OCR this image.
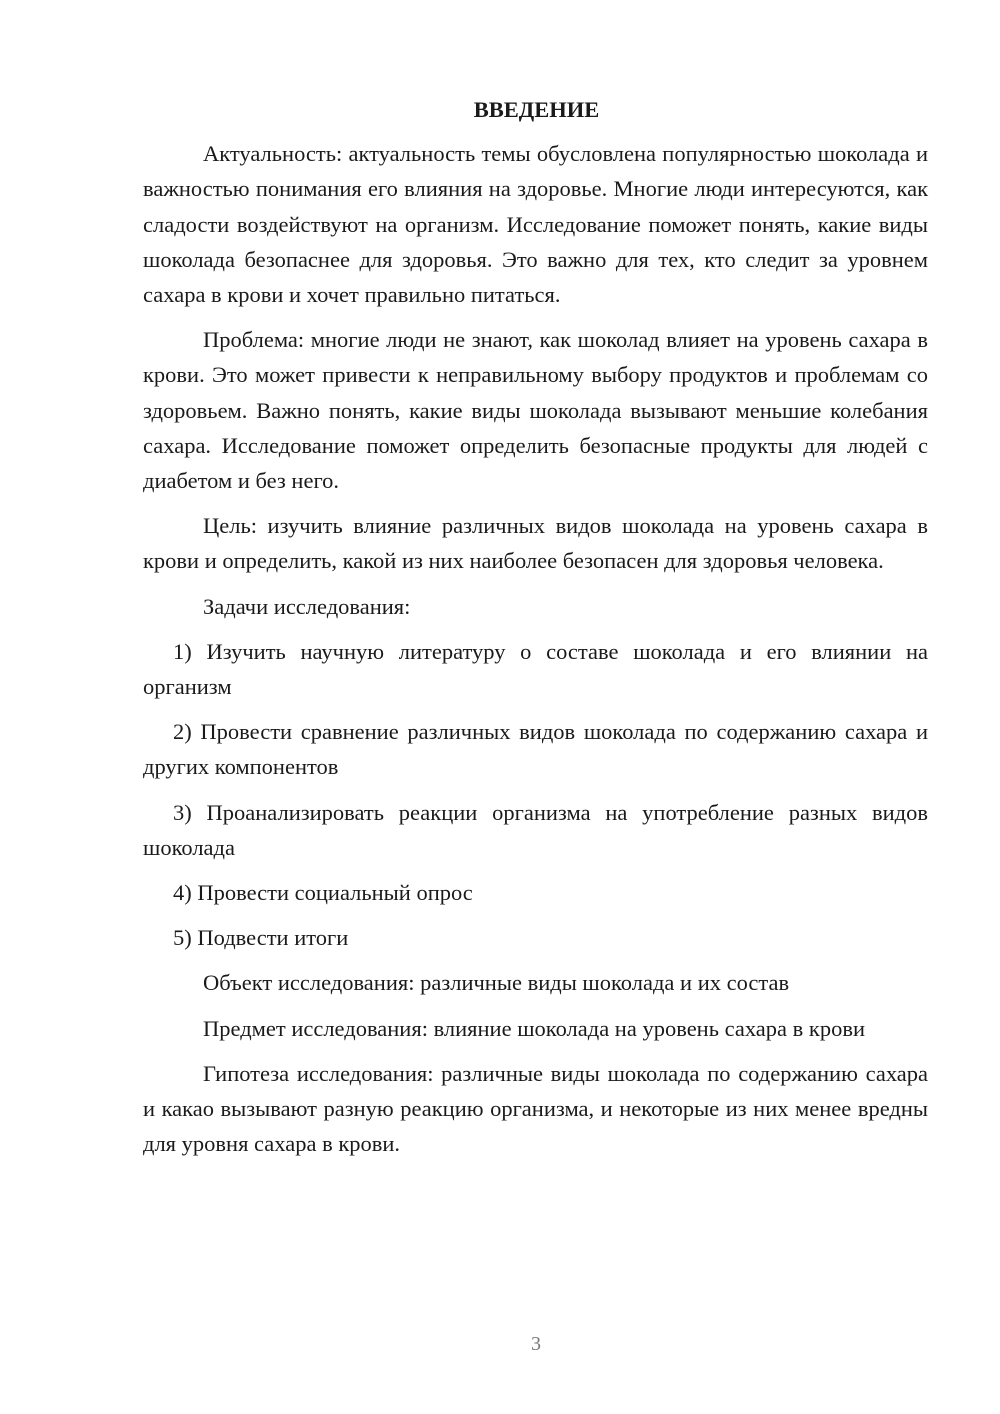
ВВЕДЕНИЕ

Актуальность: актуальность темы обусловлена популярностью шоколада и важностью понимания его влияния на здоровье. Многие люди интересуются, как сладости воздействуют на организм. Исследование поможет понять, какие виды шоколада безопаснее для здоровья. Это важно для тех, кто следит за уровнем сахара в крови и хочет правильно питаться.

Проблема: многие люди не знают, как шоколад влияет на уровень сахара в крови. Это может привести к неправильному выбору продуктов и проблемам со здоровьем. Важно понять, какие виды шоколада вызывают меньшие колебания сахара. Исследование поможет определить безопасные продукты для людей с диабетом и без него.

Цель: изучить влияние различных видов шоколада на уровень сахара в крови и определить, какой из них наиболее безопасен для здоровья человека.

Задачи исследования:

1) Изучить научную литературу о составе шоколада и его влиянии на организм

2) Провести сравнение различных видов шоколада по содержанию сахара и других компонентов

3) Проанализировать реакции организма на употребление разных видов шоколада

4) Провести социальный опрос

5) Подвести итоги

Объект исследования: различные виды шоколада и их состав

Предмет исследования: влияние шоколада на уровень сахара в крови

Гипотеза исследования: различные виды шоколада по содержанию сахара и какао вызывают разную реакцию организма, и некоторые из них менее вредны для уровня сахара в крови.

3
